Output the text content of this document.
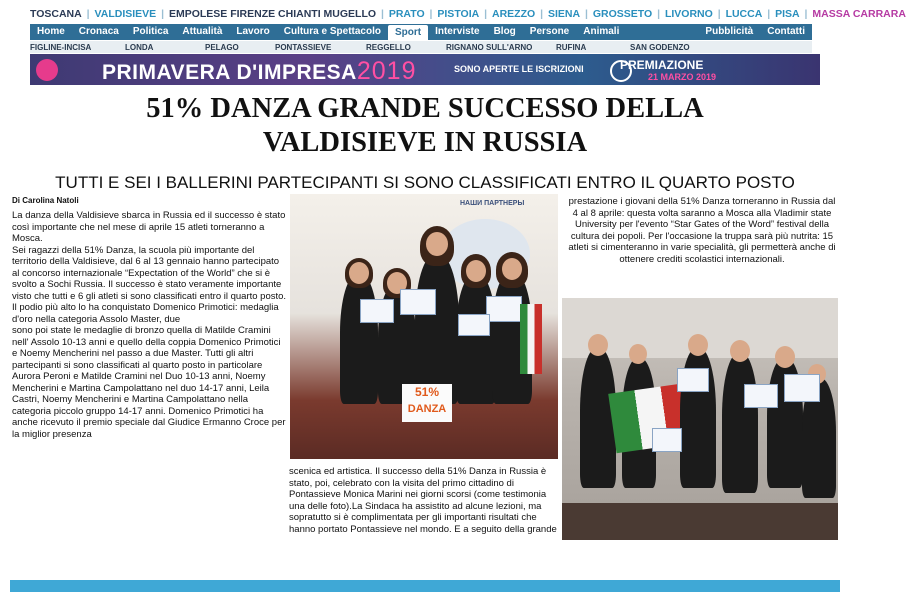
TOSCANA | VALDISIEVE | EMPOLESE FIRENZE CHIANTI MUGELLO | PRATO | PISTOIA | AREZZO | SIENA | GROSSETO | LIVORNO | LUCCA | PISA | MASSA CARRARA
Home	Cronaca	Politica	Attualità	Lavoro	Cultura e Spettacolo	Sport	Interviste	Blog	Persone	Animali	Pubblicità	Contatti
FIGLINE-INCISA	LONDA	PELAGO	PONTASSIEVE	REGGELLO	RIGNANO SULL'ARNO	RUFINA	SAN GODENZO
PRIMAVERA D'IMPRESA2019	SONO APERTE LE ISCRIZIONI	PREMIAZIONE
21 MARZO 2019
51% DANZA GRANDE SUCCESSO DELLA
VALDISIEVE IN RUSSIA
TUTTI E SEI I BALLERINI PARTECIPANTI SI SONO CLASSIFICATI ENTRO IL QUARTO POSTO
Di Carolina Natoli

La danza della Valdisieve sbarca in Russia ed il successo è stato così importante che nel mese di aprile 15 atleti torneranno a Mosca.

Sei ragazzi della 51% Danza, la scuola più importante del territorio della Valdisieve, dal 6 al 13 gennaio hanno partecipato al concorso internazionale “Expectation of the World” che si è svolto a Sochi Russia. Il successo è stato veramente importante visto che tutti e 6 gli atleti si sono classificati entro il quarto posto. Il podio più alto lo ha conquistato Domenico Primotici: medaglia d'oro nella categoria Assolo Master, due

sono poi state le medaglie di bronzo quella di Matilde Cramini nell' Assolo 10-13 anni e quello della coppia Domenico Primotici e Noemy Mencherini nel passo a due Master. Tutti gli altri partecipanti si sono classificati al quarto posto in particolare Aurora Peroni e Matilde Cramini nel Duo 10-13 anni, Noemy Mencherini e Martina Campolattano nel duo 14-17 anni, Leila Castri, Noemy Mencherini e Martina Campolattano nella categoria piccolo gruppo 14-17 anni. Domenico Primotici ha anche ricevuto il premio speciale dal Giudice Ermanno Croce per la miglior presenza

НАШИ ПАРТНЕРЫ
51%
DANZA
scenica ed artistica. Il successo della 51% Danza in Russia è stato, poi, celebrato con la visita del primo cittadino di Pontassieve Monica Marini nei giorni scorsi (come testimonia una delle foto).La Sindaca ha assistito ad alcune lezioni, ma sopratutto si è complimentata per gli importanti risultati che hanno portato Pontassieve nel mondo. E a seguito della grande
prestazione i giovani della 51% Danza torneranno in Russia dal 4 al 8 aprile: questa volta saranno a Mosca alla Vladimir state University per l'evento “Star Gates of the Word” festival della cultura dei popoli. Per l'occasione la truppa sarà più nutrita: 15 atleti si cimenteranno in varie specialità, gli permetterà anche di ottenere crediti scolastici internazionali.
